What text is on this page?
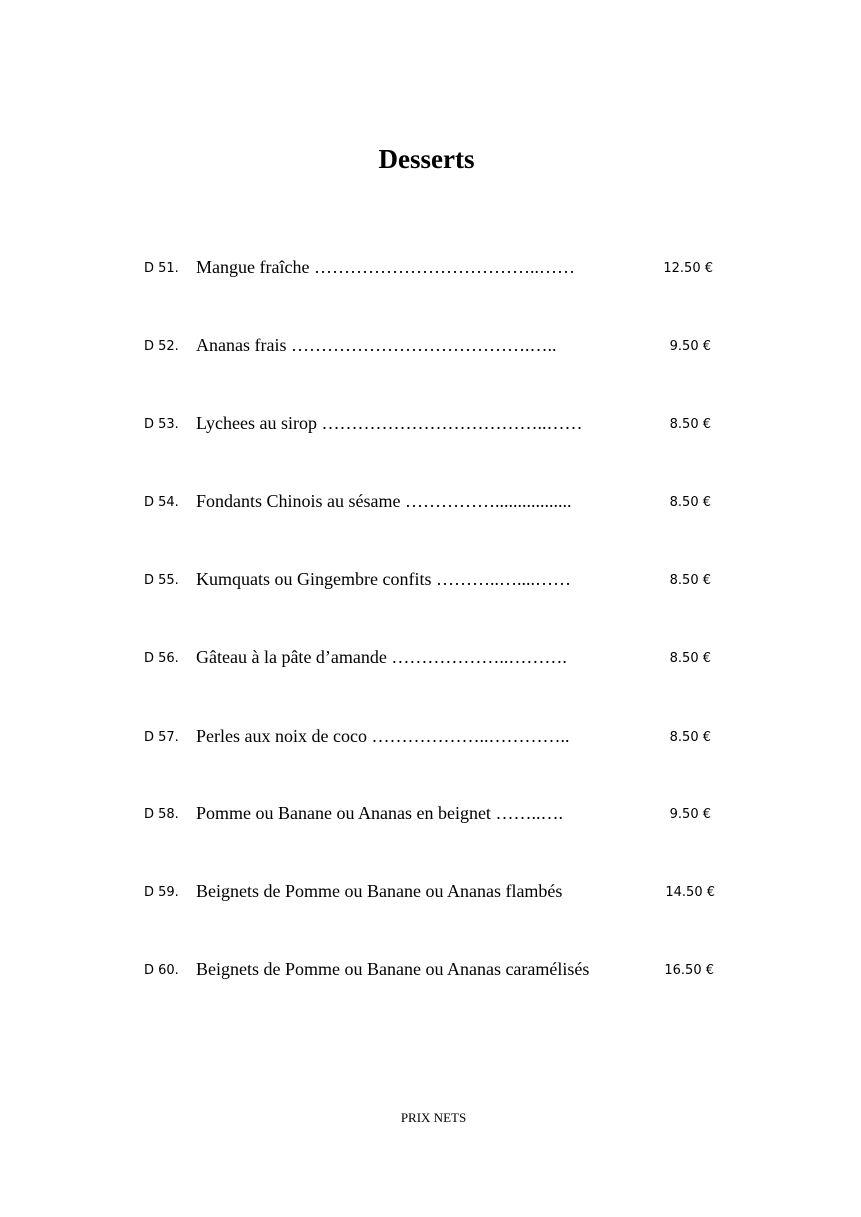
Desserts
D 51. Mangue fraîche ………………………………..……	12.50 €
D 52. Ananas frais ………………………………….…..	9.50 €
D 53. Lychees au sirop ………………………………..……	8.50 €
D 54. Fondants Chinois au sésame …………….................	8.50 €
D 55. Kumquats ou Gingembre confits ………..…....……	8.50 €
D 56. Gâteau à la pâte d’amande ………………..……….	8.50 €
D 57. Perles aux noix de coco ………………..…………..	8.50 €
D 58. Pomme ou Banane ou Ananas en beignet ……..….	9.50 €
D 59. Beignets de Pomme ou Banane ou Ananas flambés	14.50 €
D 60. Beignets de Pomme ou Banane ou Ananas caramélisés	16.50 €
PRIX NETS
